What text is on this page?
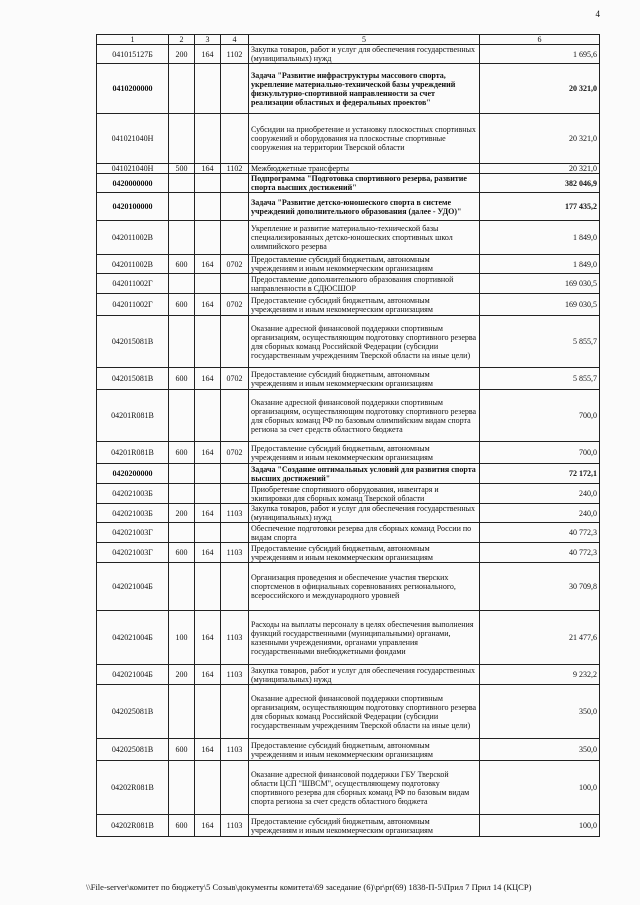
4
1	2	3	4	5	6
041015127Б	200	164	1102	Закупка товаров, работ и услуг для обеспечения государственных (муниципальных) нужд	1 695,6
0410200000				Задача "Развитие инфраструктуры массового спорта, укрепление материально-технической базы учреждений физкультурно-спортивной направленности за счет реализации областных и федеральных проектов"	20 321,0
041021040Н				Субсидии на приобретение и установку плоскостных спортивных сооружений и оборудования на плоскостные спортивные сооружения на территории Тверской области	20 321,0
041021040Н	500	164	1102	Межбюджетные трансферты	20 321,0
0420000000				Подпрограмма "Подготовка спортивного резерва, развитие спорта высших достижений"	382 046,9
0420100000				Задача "Развитие детско-юношеского спорта в системе учреждений дополнительного образования (далее - УДО)"	177 435,2
042011002В				Укрепление и развитие материально-технической базы специализированных детско-юношеских спортивных школ олимпийского резерва	1 849,0
042011002В	600	164	0702	Предоставление субсидий бюджетным, автономным учреждениям и иным некоммерческим организациям	1 849,0
042011002Г				Предоставление дополнительного образования спортивной направленности в СДЮСШОР	169 030,5
042011002Г	600	164	0702	Предоставление субсидий бюджетным, автономным учреждениям и иным некоммерческим организациям	169 030,5
042015081В				Оказание адресной финансовой поддержки спортивным организациям, осуществляющим подготовку спортивного резерва для сборных команд Российской Федерации (субсидии государственным учреждениям Тверской области на иные цели)	5 855,7
042015081В	600	164	0702	Предоставление субсидий бюджетным, автономным учреждениям и иным некоммерческим организациям	5 855,7
04201R081В				Оказание адресной финансовой поддержки спортивным организациям, осуществляющим подготовку спортивного резерва для сборных команд РФ по базовым олимпийским видам спорта региона за счет средств областного бюджета	700,0
04201R081В	600	164	0702	Предоставление субсидий бюджетным, автономным учреждениям и иным некоммерческим организациям	700,0
0420200000				Задача "Создание оптимальных условий для развития спорта высших достижений"	72 172,1
042021003Б				Приобретение спортивного оборудования, инвентаря и экипировки для сборных команд Тверской области	240,0
042021003Б	200	164	1103	Закупка товаров, работ и услуг для обеспечения государственных (муниципальных) нужд	240,0
042021003Г				Обеспечение подготовки резерва для сборных команд России по видам спорта	40 772,3
042021003Г	600	164	1103	Предоставление субсидий бюджетным, автономным учреждениям и иным некоммерческим организациям	40 772,3
042021004Б				Организация проведения и обеспечение участия тверских спортсменов в официальных соревнованиях регионального, всероссийского и международного уровней	30 709,8
042021004Б	100	164	1103	Расходы на выплаты персоналу в целях обеспечения выполнения функций государственными (муниципальными) органами, казенными учреждениями, органами управления государственными внебюджетными фондами	21 477,6
042021004Б	200	164	1103	Закупка товаров, работ и услуг для обеспечения государственных (муниципальных) нужд	9 232,2
042025081В				Оказание адресной финансовой поддержки спортивным организациям, осуществляющим подготовку спортивного резерва для сборных команд Российской Федерации (субсидии государственным учреждениям Тверской области на иные цели)	350,0
042025081В	600	164	1103	Предоставление субсидий бюджетным, автономным учреждениям и иным некоммерческим организациям	350,0
04202R081В				Оказание адресной финансовой поддержки ГБУ Тверской области ЦСП "ШВСМ", осуществляющему подготовку спортивного резерва для сборных команд РФ по базовым видам спорта региона за счет средств областного бюджета	100,0
04202R081В	600	164	1103	Предоставление субсидий бюджетным, автономным учреждениям и иным некоммерческим организациям	100,0
\\File-server\комитет по бюджету\5 Созыв\документы комитета\69 заседание (6)\pr\pr(69) 1838-П-5\Прил 7 Прил 14 (КЦСР)
